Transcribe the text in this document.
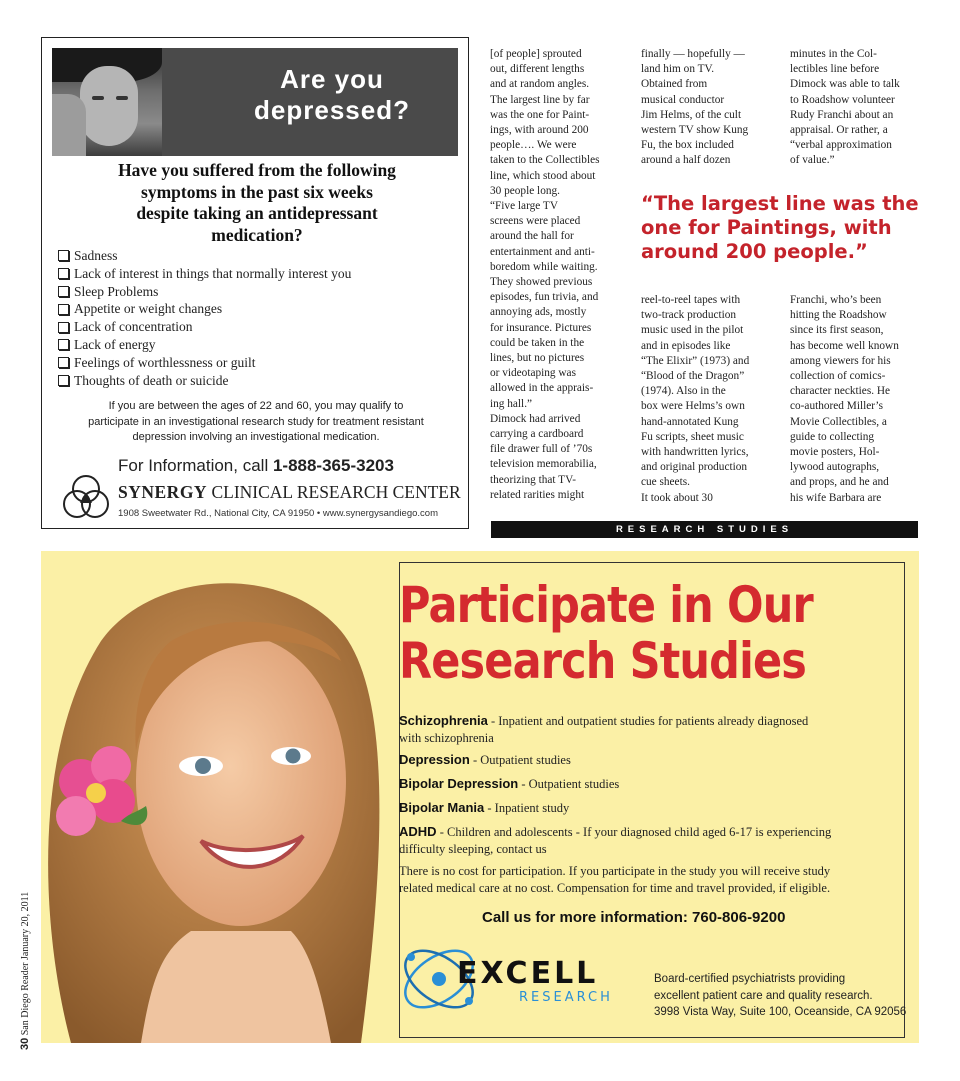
Are you
depressed?
Have you suffered from the following
symptoms in the past six weeks
despite taking an antidepressant
medication?
Sadness
Lack of interest in things that normally interest you
Sleep Problems
Appetite or weight changes
Lack of concentration
Lack of energy
Feelings of worthlessness or guilt
Thoughts of death or suicide
If you are between the ages of 22 and 60, you may qualify to
participate in an investigational research study for treatment resistant
depression involving an investigational medication.
For Information, call 1-888-365-3203
SYNERGY CLINICAL RESEARCH CENTER
1908 Sweetwater Rd., National City, CA 91950 • www.synergysandiego.com

[of people] sprouted

out, different lengths

and at random angles.

The largest line by far

was the one for Paint-

ings, with around 200

people…. We were

taken to the Collectibles

line, which stood about

30 people long.

“Five large TV

screens were placed

around the hall for

entertainment and anti-

boredom while waiting.

They showed previous

episodes, fun trivia, and

annoying ads, mostly

for insurance. Pictures

could be taken in the

lines, but no pictures

or videotaping was

allowed in the apprais-

ing hall.”

Dimock had arrived

carrying a cardboard

file drawer full of ’70s

television memorabilia,

theorizing that TV-

related rarities might

finally — hopefully —

land him on TV.

Obtained from

musical conductor

Jim Helms, of the cult

western TV show Kung

Fu, the box included

around a half dozen

minutes in the Col-

lectibles line before

Dimock was able to talk

to Roadshow volunteer

Rudy Franchi about an

appraisal. Or rather, a

“verbal approximation

of value.”

“The largest line was the
one for Paintings, with
around 200 people.”

reel-to-reel tapes with

two-track production

music used in the pilot

and in episodes like

“The Elixir” (1973) and

“Blood of the Dragon”

(1974). Also in the

box were Helms’s own

hand-annotated Kung

Fu scripts, sheet music

with handwritten lyrics,

and original production

cue sheets.

It took about 30

Franchi, who’s been

hitting the Roadshow

since its first season,

has become well known

among viewers for his

collection of comics-

character neckties. He

co-authored Miller’s

Movie Collectibles, a

guide to collecting

movie posters, Hol-

lywood autographs,

and props, and he and

his wife Barbara are

RESEARCH STUDIES
Participate in Our
Research Studies
Schizophrenia - Inpatient and outpatient studies for patients already diagnosed
with schizophrenia
Depression - Outpatient studies
Bipolar Depression - Outpatient studies
Bipolar Mania - Inpatient study
ADHD - Children and adolescents - If your diagnosed child aged 6-17 is experiencing
difficulty sleeping, contact us
There is no cost for participation. If you participate in the study you will receive study
related medical care at no cost. Compensation for time and travel provided, if eligible.
Call us for more information: 760-806-9200
EXCELL
RESEARCH
Board-certified psychiatrists providing
excellent patient care and quality research.
3998 Vista Way, Suite 100, Oceanside, CA 92056
30 San Diego Reader January 20, 2011
